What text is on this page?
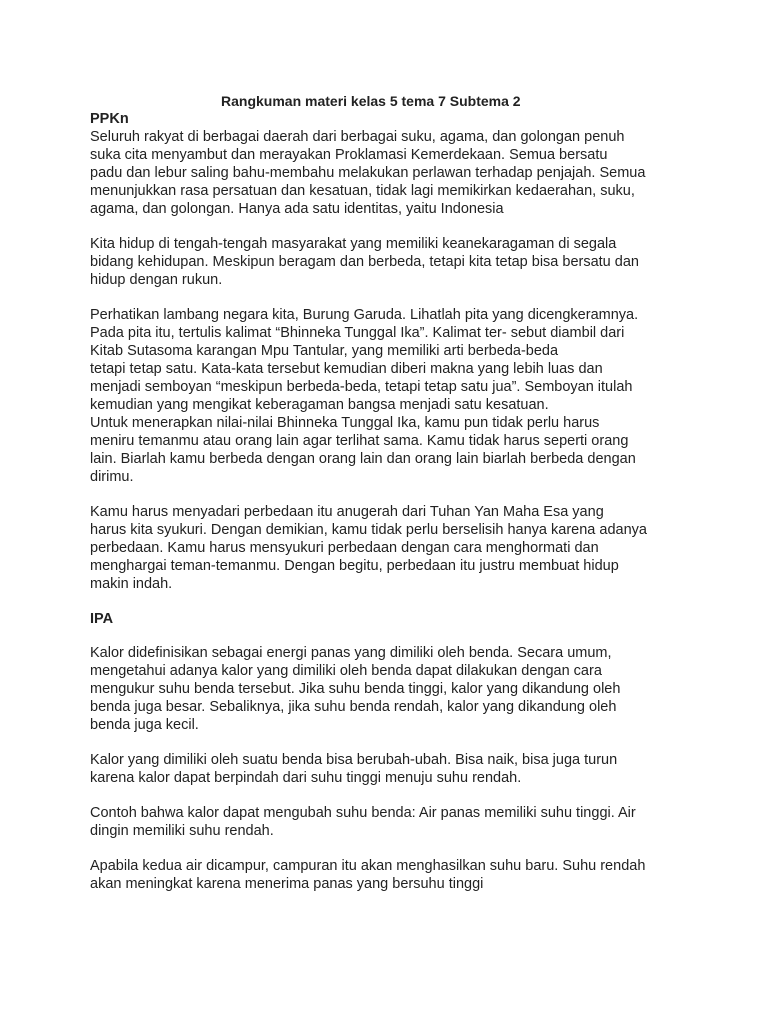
Rangkuman materi kelas 5 tema 7 Subtema 2
PPKn

Seluruh rakyat di berbagai daerah dari berbagai suku, agama, dan golongan penuh
suka cita menyambut dan merayakan Proklamasi Kemerdekaan. Semua bersatu
padu dan lebur saling bahu-membahu melakukan perlawan terhadap penjajah. Semua
menunjukkan rasa persatuan dan kesatuan, tidak lagi memikirkan kedaerahan, suku,
agama, dan golongan. Hanya ada satu identitas, yaitu Indonesia

Kita hidup di tengah-tengah masyarakat yang memiliki keanekaragaman di segala
bidang kehidupan. Meskipun beragam dan berbeda, tetapi kita tetap bisa bersatu dan
hidup dengan rukun.

Perhatikan lambang negara kita, Burung Garuda. Lihatlah pita yang dicengkeramnya.
Pada pita itu, tertulis kalimat “Bhinneka Tunggal Ika”. Kalimat ter- sebut diambil dari
Kitab Sutasoma karangan Mpu Tantular, yang memiliki arti berbeda-beda
tetapi tetap satu. Kata-kata tersebut kemudian diberi makna yang lebih luas dan
menjadi semboyan “meskipun berbeda-beda, tetapi tetap satu jua”. Semboyan itulah
kemudian yang mengikat keberagaman bangsa menjadi satu kesatuan.
Untuk menerapkan nilai-nilai Bhinneka Tunggal Ika, kamu pun tidak perlu harus
meniru temanmu atau orang lain agar terlihat sama. Kamu tidak harus seperti orang
lain. Biarlah kamu berbeda dengan orang lain dan orang lain biarlah berbeda dengan
dirimu.

Kamu harus menyadari perbedaan itu anugerah dari Tuhan Yan Maha Esa yang
harus kita syukuri. Dengan demikian, kamu tidak perlu berselisih hanya karena adanya
perbedaan. Kamu harus mensyukuri perbedaan dengan cara menghormati dan
menghargai teman-temanmu. Dengan begitu, perbedaan itu justru membuat hidup
makin indah.

IPA

Kalor didefinisikan sebagai energi panas yang dimiliki oleh benda. Secara umum,
mengetahui adanya kalor yang dimiliki oleh benda dapat dilakukan dengan cara
mengukur suhu benda tersebut. Jika suhu benda tinggi, kalor yang dikandung oleh
benda juga besar. Sebaliknya, jika suhu benda rendah, kalor yang dikandung oleh
benda juga kecil.

Kalor yang dimiliki oleh suatu benda bisa berubah-ubah. Bisa naik, bisa juga turun
karena kalor dapat berpindah dari suhu tinggi menuju suhu rendah.

Contoh bahwa kalor dapat mengubah suhu benda: Air panas memiliki suhu tinggi. Air
dingin memiliki suhu rendah.

Apabila kedua air dicampur, campuran itu akan menghasilkan suhu baru. Suhu rendah
akan meningkat karena menerima panas yang bersuhu tinggi
